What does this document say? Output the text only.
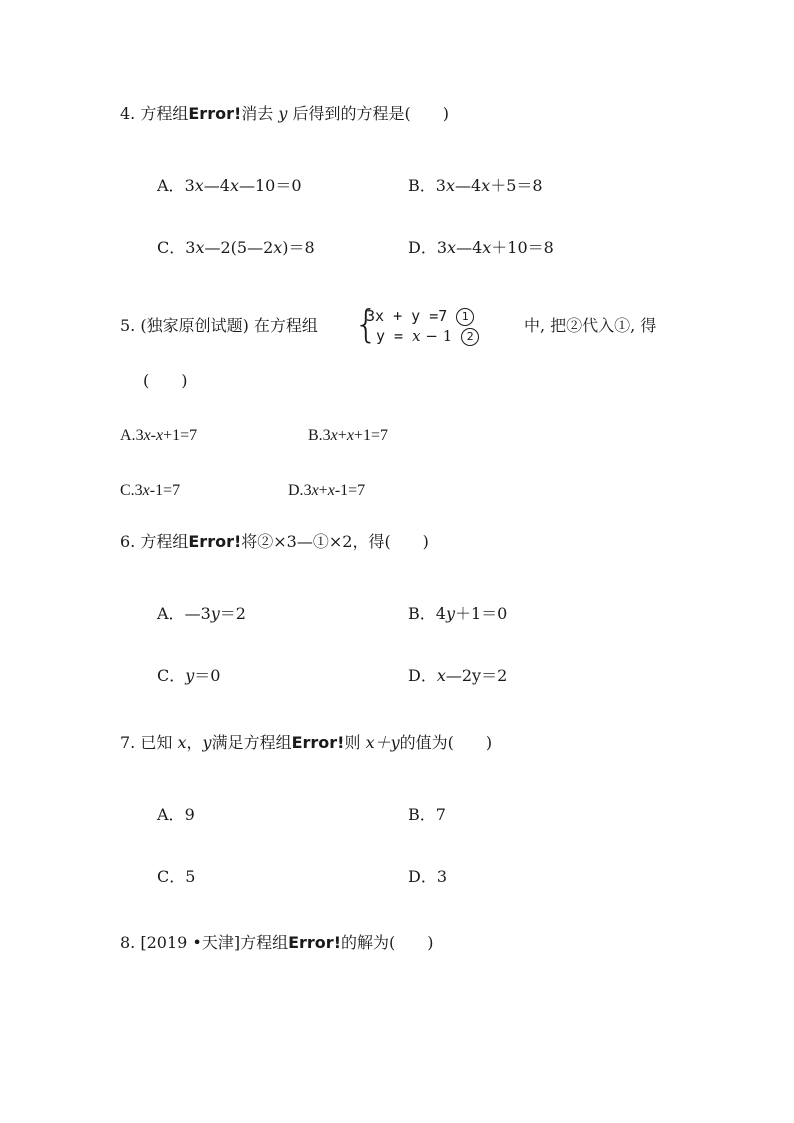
4. 方程组Error!消去 y 后得到的方程是(　　)
A．3x—4x—10＝0	B．3x—4x＋5＝8
C．3x—2(5—2x)＝8	D．3x—4x＋10＝8
5. (独家原创试题) 在方程组 {
3x + y =7 1
y = x − 1 2
中, 把②代入①, 得
(　　)
A.3x-x+1=7	B.3x+x+1=7
C.3x-1=7	D.3x+x-1=7
6. 方程组Error!将②×3—①×2，得(　　)
A．—3y＝2	B．4y＋1＝0
C．y＝0	D．x—2y＝2
7. 已知 x，y满足方程组Error!则 x＋y的值为(　　)
A．9	B．7
C．5	D．3
8. [2019 •天津]方程组Error!的解为(　　)
